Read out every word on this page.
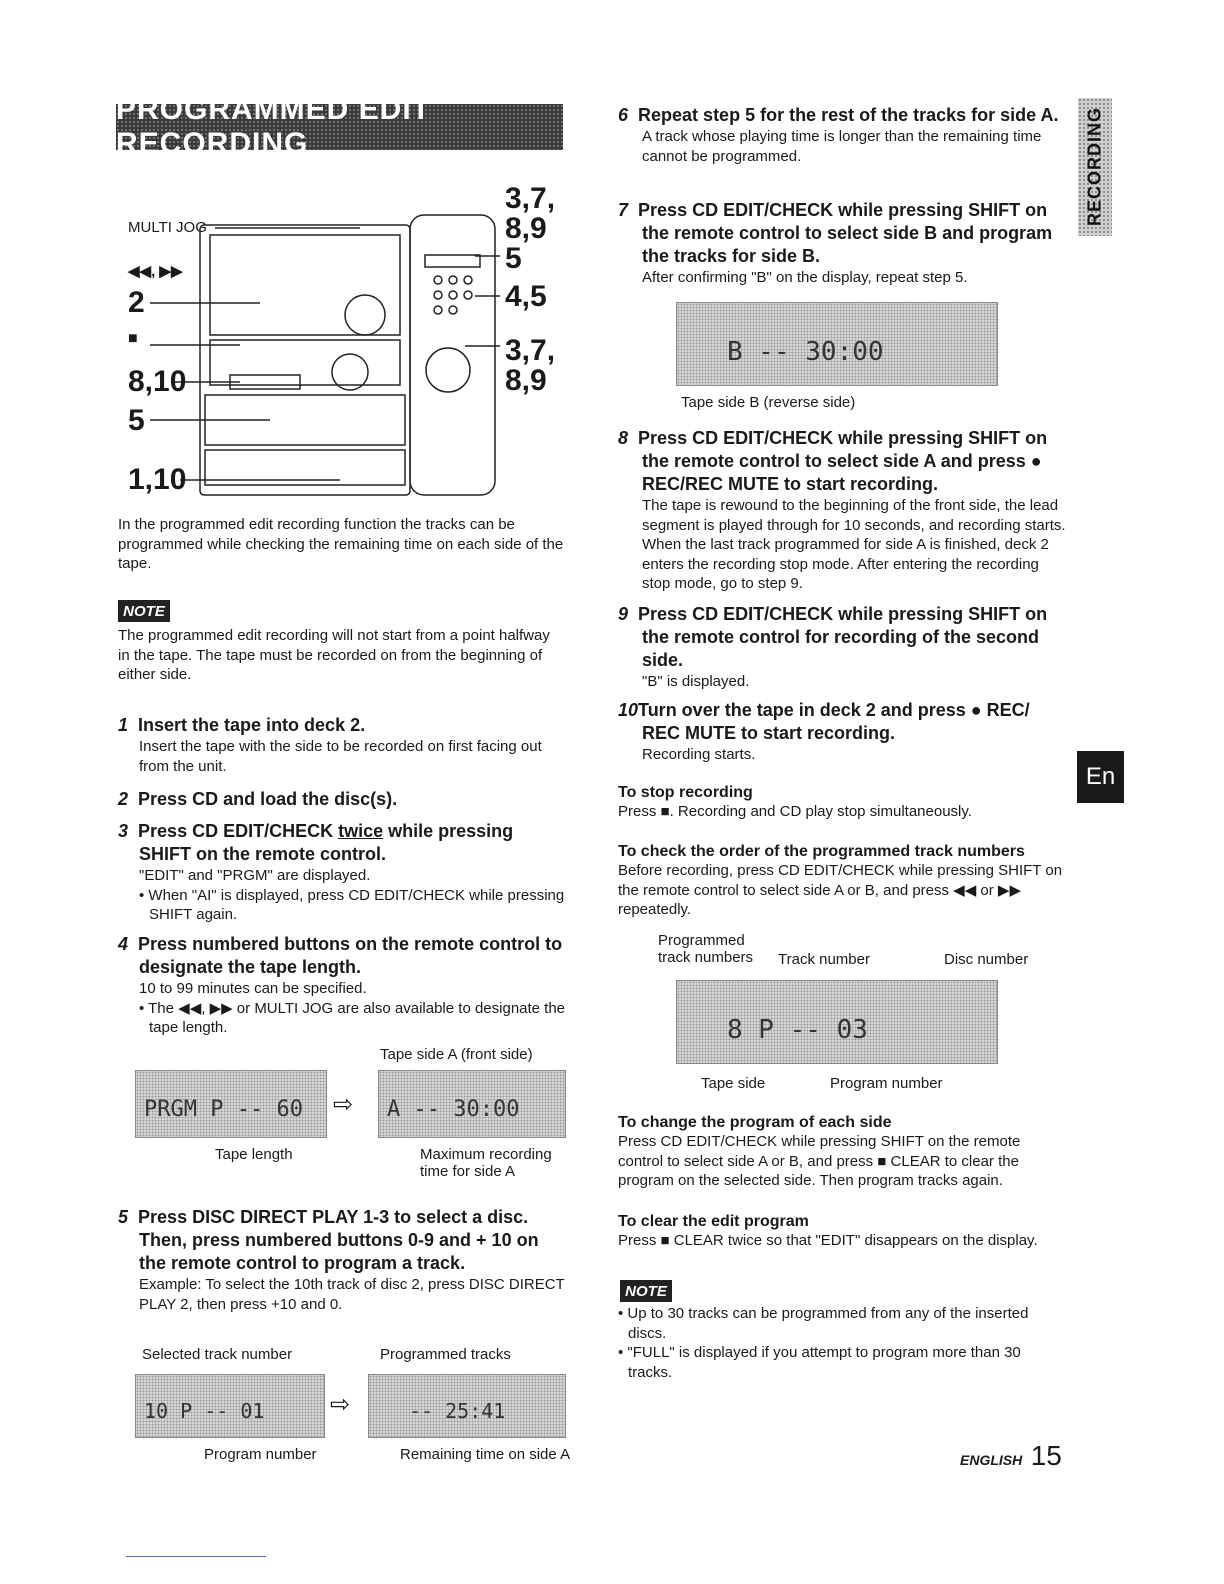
PROGRAMMED EDIT RECORDING	RECORDING
En
MULTI JOG
◀◀, ▶▶
2
■
8,10
5
1,10
3,7,
8,9
5
4,5
3,7,
8,9

In the programmed edit recording function the tracks can be programmed while checking the remaining time on each side of the tape.

NOTE

The programmed edit recording will not start from a point halfway in the tape. The tape must be recorded on from the beginning of either side.

1 Insert the tape into deck 2.

Insert the tape with the side to be recorded on first facing out from the unit.

2 Press CD and load the disc(s).
3 Press CD EDIT/CHECK twice while pressing SHIFT on the remote control.

"EDIT" and "PRGM" are displayed.

• When "AI" is displayed, press CD EDIT/CHECK while pressing SHIFT again.

4 Press numbered buttons on the remote control to designate the tape length.

10 to 99 minutes can be specified.

• The ◀◀, ▶▶ or MULTI JOG are also available to designate the tape length.

Tape side A (front side)
PRGM P -- 60	⇨ A -- 30:00
Tape length	Maximum recording time for side A
5 Press DISC DIRECT PLAY 1-3 to select a disc. Then, press numbered buttons 0-9 and + 10 on the remote control to program a track.

Example: To select the 10th track of disc 2, press DISC DIRECT PLAY 2, then press +10 and 0.

Selected track number	Programmed tracks
10 P -- 01	⇨	-- 25:41
Program number	Remaining time on side A
6 Repeat step 5 for the rest of the tracks for side A.

A track whose playing time is longer than the remaining time cannot be programmed.

7 Press CD EDIT/CHECK while pressing SHIFT on the remote control to select side B and program the tracks for side B.

After confirming "B" on the display, repeat step 5.

B -- 30:00
Tape side B (reverse side)
8 Press CD EDIT/CHECK while pressing SHIFT on the remote control to select side A and press ● REC/REC MUTE to start recording.

The tape is rewound to the beginning of the front side, the lead segment is played through for 10 seconds, and recording starts. When the last track programmed for side A is finished, deck 2 enters the recording stop mode. After entering the recording stop mode, go to step 9.

9 Press CD EDIT/CHECK while pressing SHIFT on the remote control for recording of the second side.

"B" is displayed.

10Turn over the tape in deck 2 and press ● REC/ REC MUTE to start recording.

Recording starts.

To stop recording

Press ■. Recording and CD play stop simultaneously.

To check the order of the programmed track numbers

Before recording, press CD EDIT/CHECK while pressing SHIFT on the remote control to select side A or B, and press ◀◀ or ▶▶ repeatedly.

Programmed track numbers	Track number	Disc number
8 P -- 03
Tape side	Program number
To change the program of each side

Press CD EDIT/CHECK while pressing SHIFT on the remote control to select side A or B, and press ■ CLEAR to clear the program on the selected side. Then program tracks again.

To clear the edit program

Press ■ CLEAR twice so that "EDIT" disappears on the display.

NOTE

• Up to 30 tracks can be programmed from any of the inserted discs.

• "FULL" is displayed if you attempt to program more than 30 tracks.

ENGLISH 15
